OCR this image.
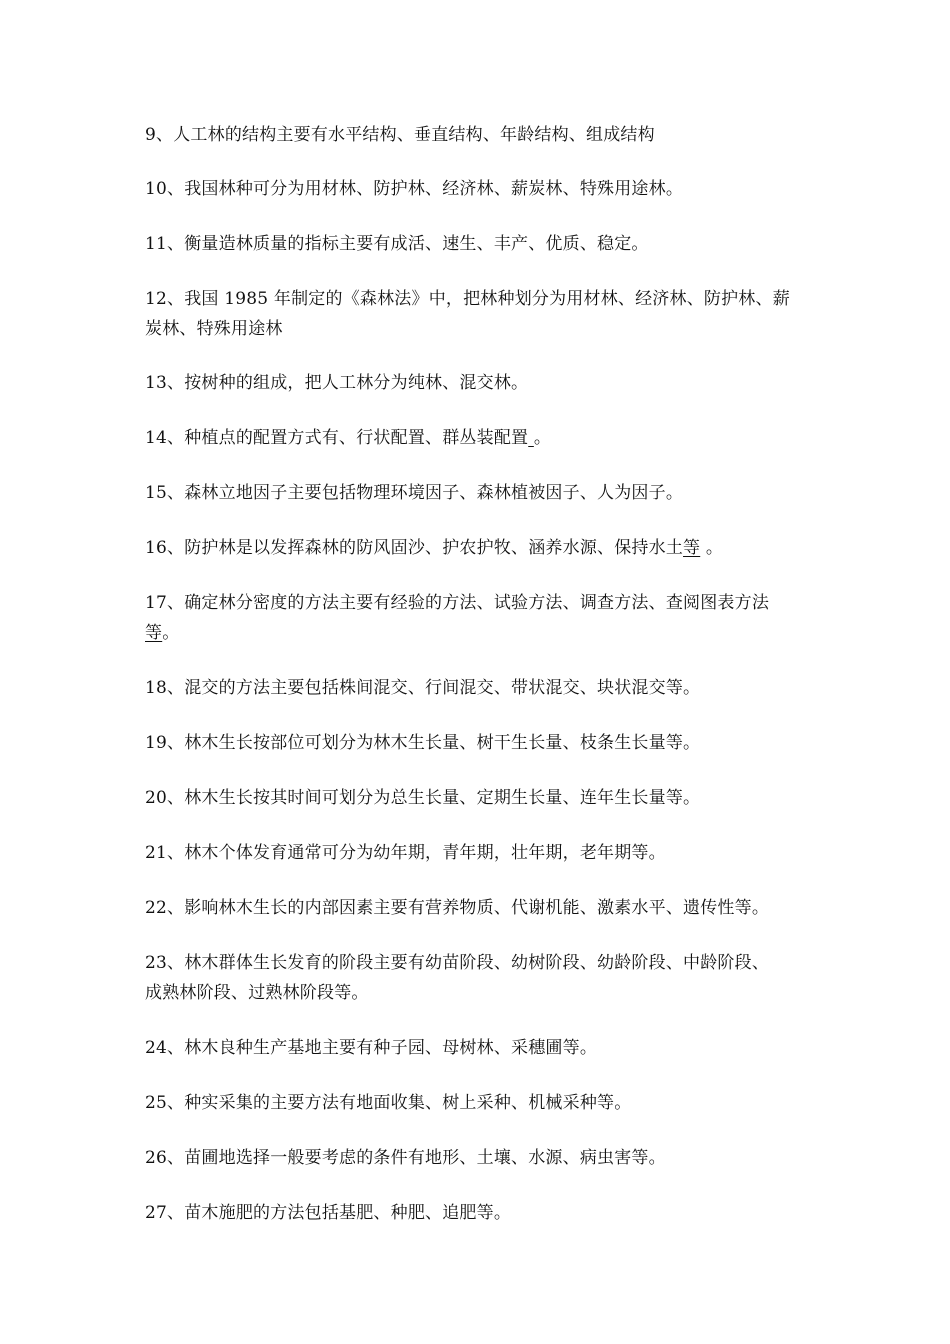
9、人工林的结构主要有水平结构、垂直结构、年龄结构、组成结构

10、我国林种可分为用材林、防护林、经济林、薪炭林、特殊用途林。

11、衡量造林质量的指标主要有成活、速生、丰产、优质、稳定。

12、我国 1985 年制定的《森林法》中，把林种划分为用材林、经济林、防护林、薪
炭林、特殊用途林

13、按树种的组成，把人工林分为纯林、混交林。

14、种植点的配置方式有、行状配置、群丛装配置 。

15、森林立地因子主要包括物理环境因子、森林植被因子、人为因子。

16、防护林是以发挥森林的防风固沙、护农护牧、涵养水源、保持水土等 。

17、确定林分密度的方法主要有经验的方法、试验方法、调查方法、查阅图表方法
等。

18、混交的方法主要包括株间混交、行间混交、带状混交、块状混交等。

19、林木生长按部位可划分为林木生长量、树干生长量、枝条生长量等。

20、林木生长按其时间可划分为总生长量、定期生长量、连年生长量等。

21、林木个体发育通常可分为幼年期，青年期，壮年期，老年期等。

22、影响林木生长的内部因素主要有营养物质、代谢机能、激素水平、遗传性等。

23、林木群体生长发育的阶段主要有幼苗阶段、幼树阶段、幼龄阶段、中龄阶段、
成熟林阶段、过熟林阶段等。

24、林木良种生产基地主要有种子园、母树林、采穗圃等。

25、种实采集的主要方法有地面收集、树上采种、机械采种等。

26、苗圃地选择一般要考虑的条件有地形、土壤、水源、病虫害等。

27、苗木施肥的方法包括基肥、种肥、追肥等。
